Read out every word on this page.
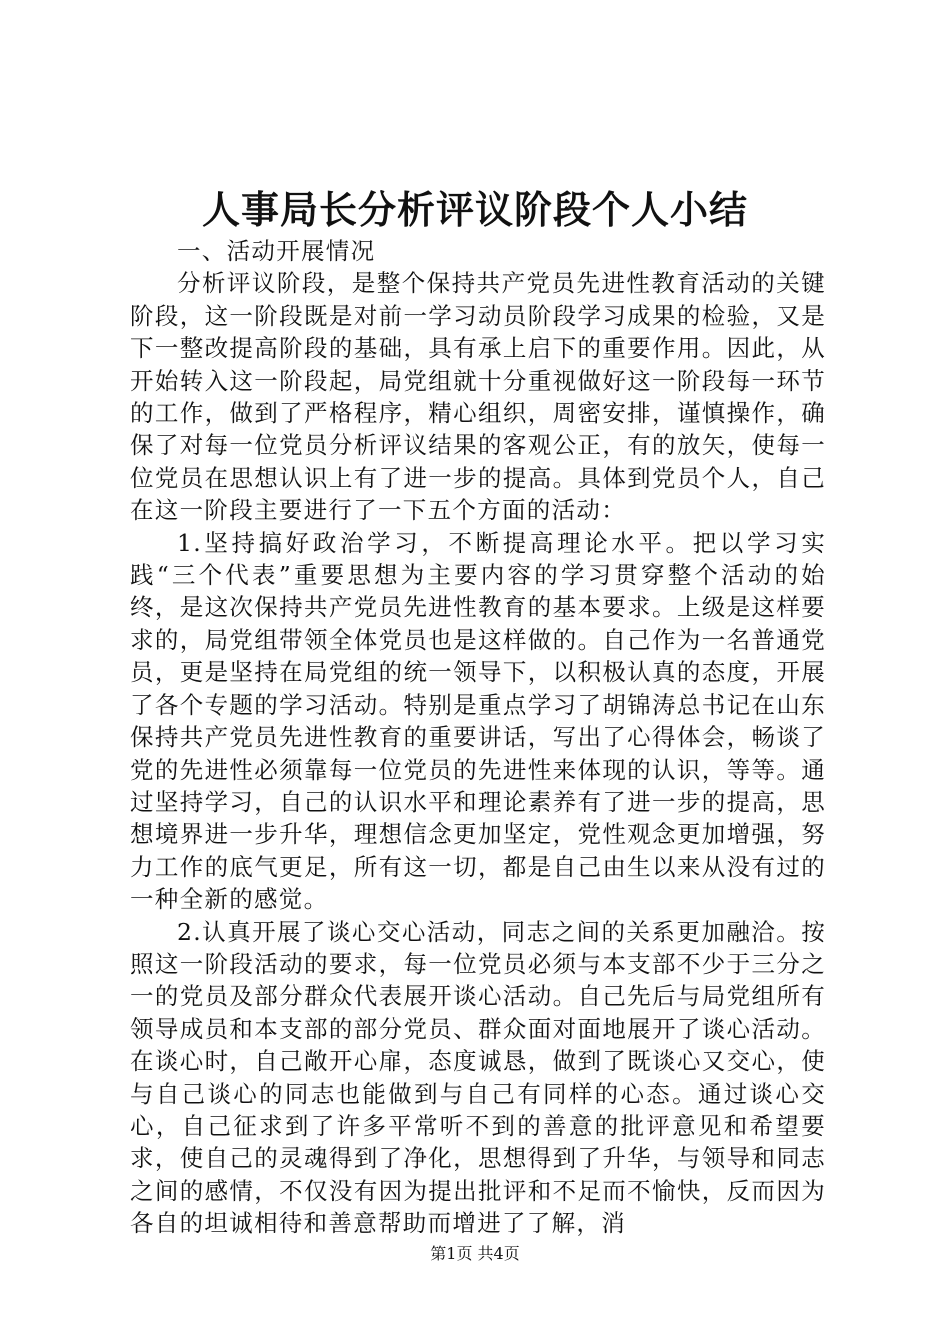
人事局长分析评议阶段个人小结

一、活动开展情况

分析评议阶段，是整个保持共产党员先进性教育活动的关键阶段，这一阶段既是对前一学习动员阶段学习成果的检验，又是下一整改提高阶段的基础，具有承上启下的重要作用。因此，从开始转入这一阶段起，局党组就十分重视做好这一阶段每一环节的工作，做到了严格程序，精心组织，周密安排，谨慎操作，确保了对每一位党员分析评议结果的客观公正，有的放矢，使每一位党员在思想认识上有了进一步的提高。具体到党员个人，自己在这一阶段主要进行了一下五个方面的活动：

1.坚持搞好政治学习，不断提高理论水平。把以学习实践“三个代表”重要思想为主要内容的学习贯穿整个活动的始终，是这次保持共产党员先进性教育的基本要求。上级是这样要求的，局党组带领全体党员也是这样做的。自己作为一名普通党员，更是坚持在局党组的统一领导下，以积极认真的态度，开展了各个专题的学习活动。特别是重点学习了胡锦涛总书记在山东保持共产党员先进性教育的重要讲话，写出了心得体会，畅谈了党的先进性必须靠每一位党员的先进性来体现的认识，等等。通过坚持学习，自己的认识水平和理论素养有了进一步的提高，思想境界进一步升华，理想信念更加坚定，党性观念更加增强，努力工作的底气更足，所有这一切，都是自己由生以来从没有过的一种全新的感觉。

2.认真开展了谈心交心活动，同志之间的关系更加融洽。按照这一阶段活动的要求，每一位党员必须与本支部不少于三分之一的党员及部分群众代表展开谈心活动。自己先后与局党组所有领导成员和本支部的部分党员、群众面对面地展开了谈心活动。在谈心时，自己敞开心扉，态度诚恳，做到了既谈心又交心，使与自己谈心的同志也能做到与自己有同样的心态。通过谈心交心，自己征求到了许多平常听不到的善意的批评意见和希望要求，使自己的灵魂得到了净化，思想得到了升华，与领导和同志之间的感情，不仅没有因为提出批评和不足而不愉快，反而因为各自的坦诚相待和善意帮助而增进了了解，消

第1页 共4页
